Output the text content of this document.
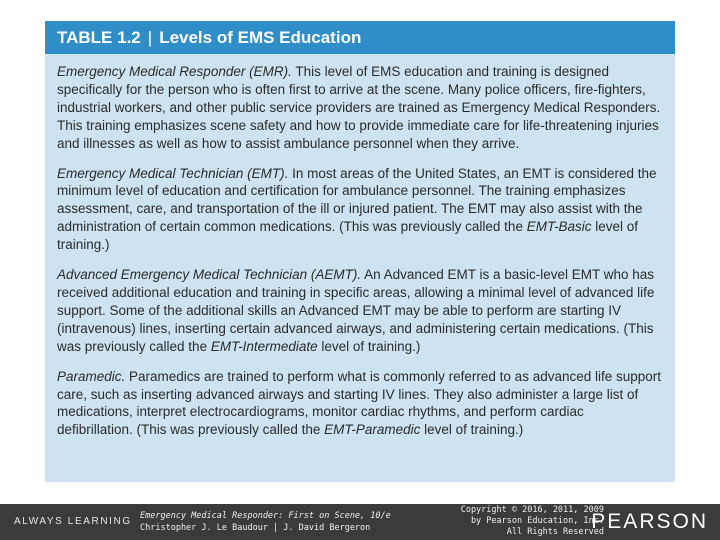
TABLE 1.2 | Levels of EMS Education

Emergency Medical Responder (EMR). This level of EMS education and training is designed specifically for the person who is often first to arrive at the scene. Many police officers, fire-fighters, industrial workers, and other public service providers are trained as Emergency Medical Responders. This training emphasizes scene safety and how to provide immediate care for life-threatening injuries and illnesses as well as how to assist ambulance personnel when they arrive.

Emergency Medical Technician (EMT). In most areas of the United States, an EMT is considered the minimum level of education and certification for ambulance personnel. The training emphasizes assessment, care, and transportation of the ill or injured patient. The EMT may also assist with the administration of certain common medications. (This was previously called the EMT-Basic level of training.)

Advanced Emergency Medical Technician (AEMT). An Advanced EMT is a basic-level EMT who has received additional education and training in specific areas, allowing a minimal level of advanced life support. Some of the additional skills an Advanced EMT may be able to perform are starting IV (intravenous) lines, inserting certain advanced airways, and administering certain medications. (This was previously called the EMT-Intermediate level of training.)

Paramedic. Paramedics are trained to perform what is commonly referred to as advanced life support care, such as inserting advanced airways and starting IV lines. They also administer a large list of medications, interpret electrocardiograms, monitor cardiac rhythms, and perform cardiac defibrillation. (This was previously called the EMT-Paramedic level of training.)

ALWAYS LEARNING Emergency Medical Responder: First on Scene, 10/e
Christopher J. Le Baudour | J. David Bergeron
Copyright © 2016, 2011, 2009
by Pearson Education, Inc.
All Rights Reserved
PEARSON
